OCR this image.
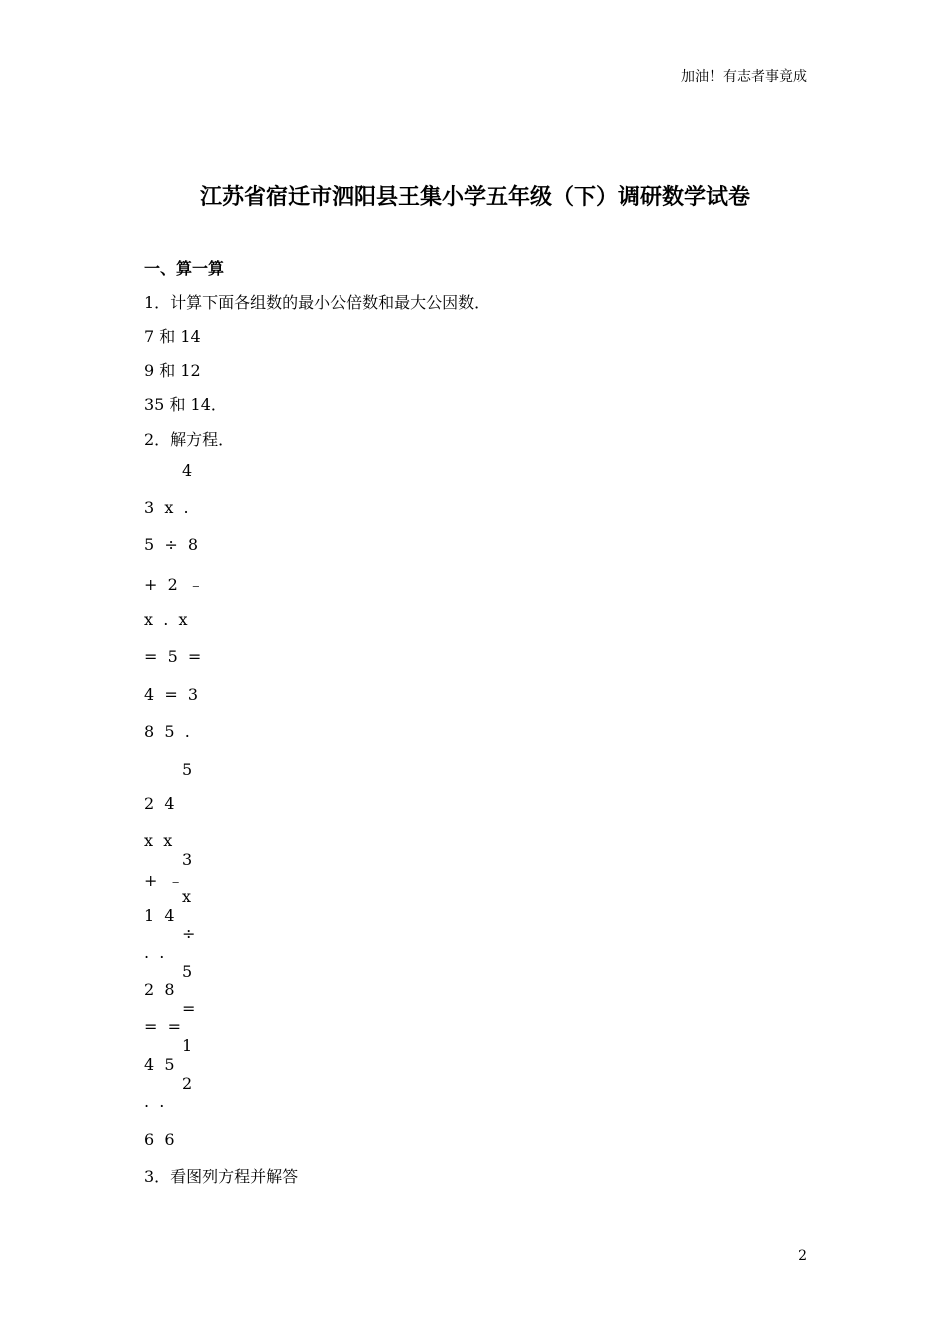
加油！有志者事竟成
江苏省宿迁市泗阳县王集小学五年级（下）调研数学试卷
一、算一算
1．计算下面各组数的最小公倍数和最大公因数．
7 和 14
9 和 12
35 和 14．
2．解方程．
4
3  x  .
5  ÷  8
+  2  ﹣
x  .  x
=  5  =
4  =  3
8  5  .
5
2  4
x  x
+  ﹣
1  4
.  .
2  8
=  =
4  5
.  .
6  6
3
x
÷
5
=
1
2
3．看图列方程并解答
2
